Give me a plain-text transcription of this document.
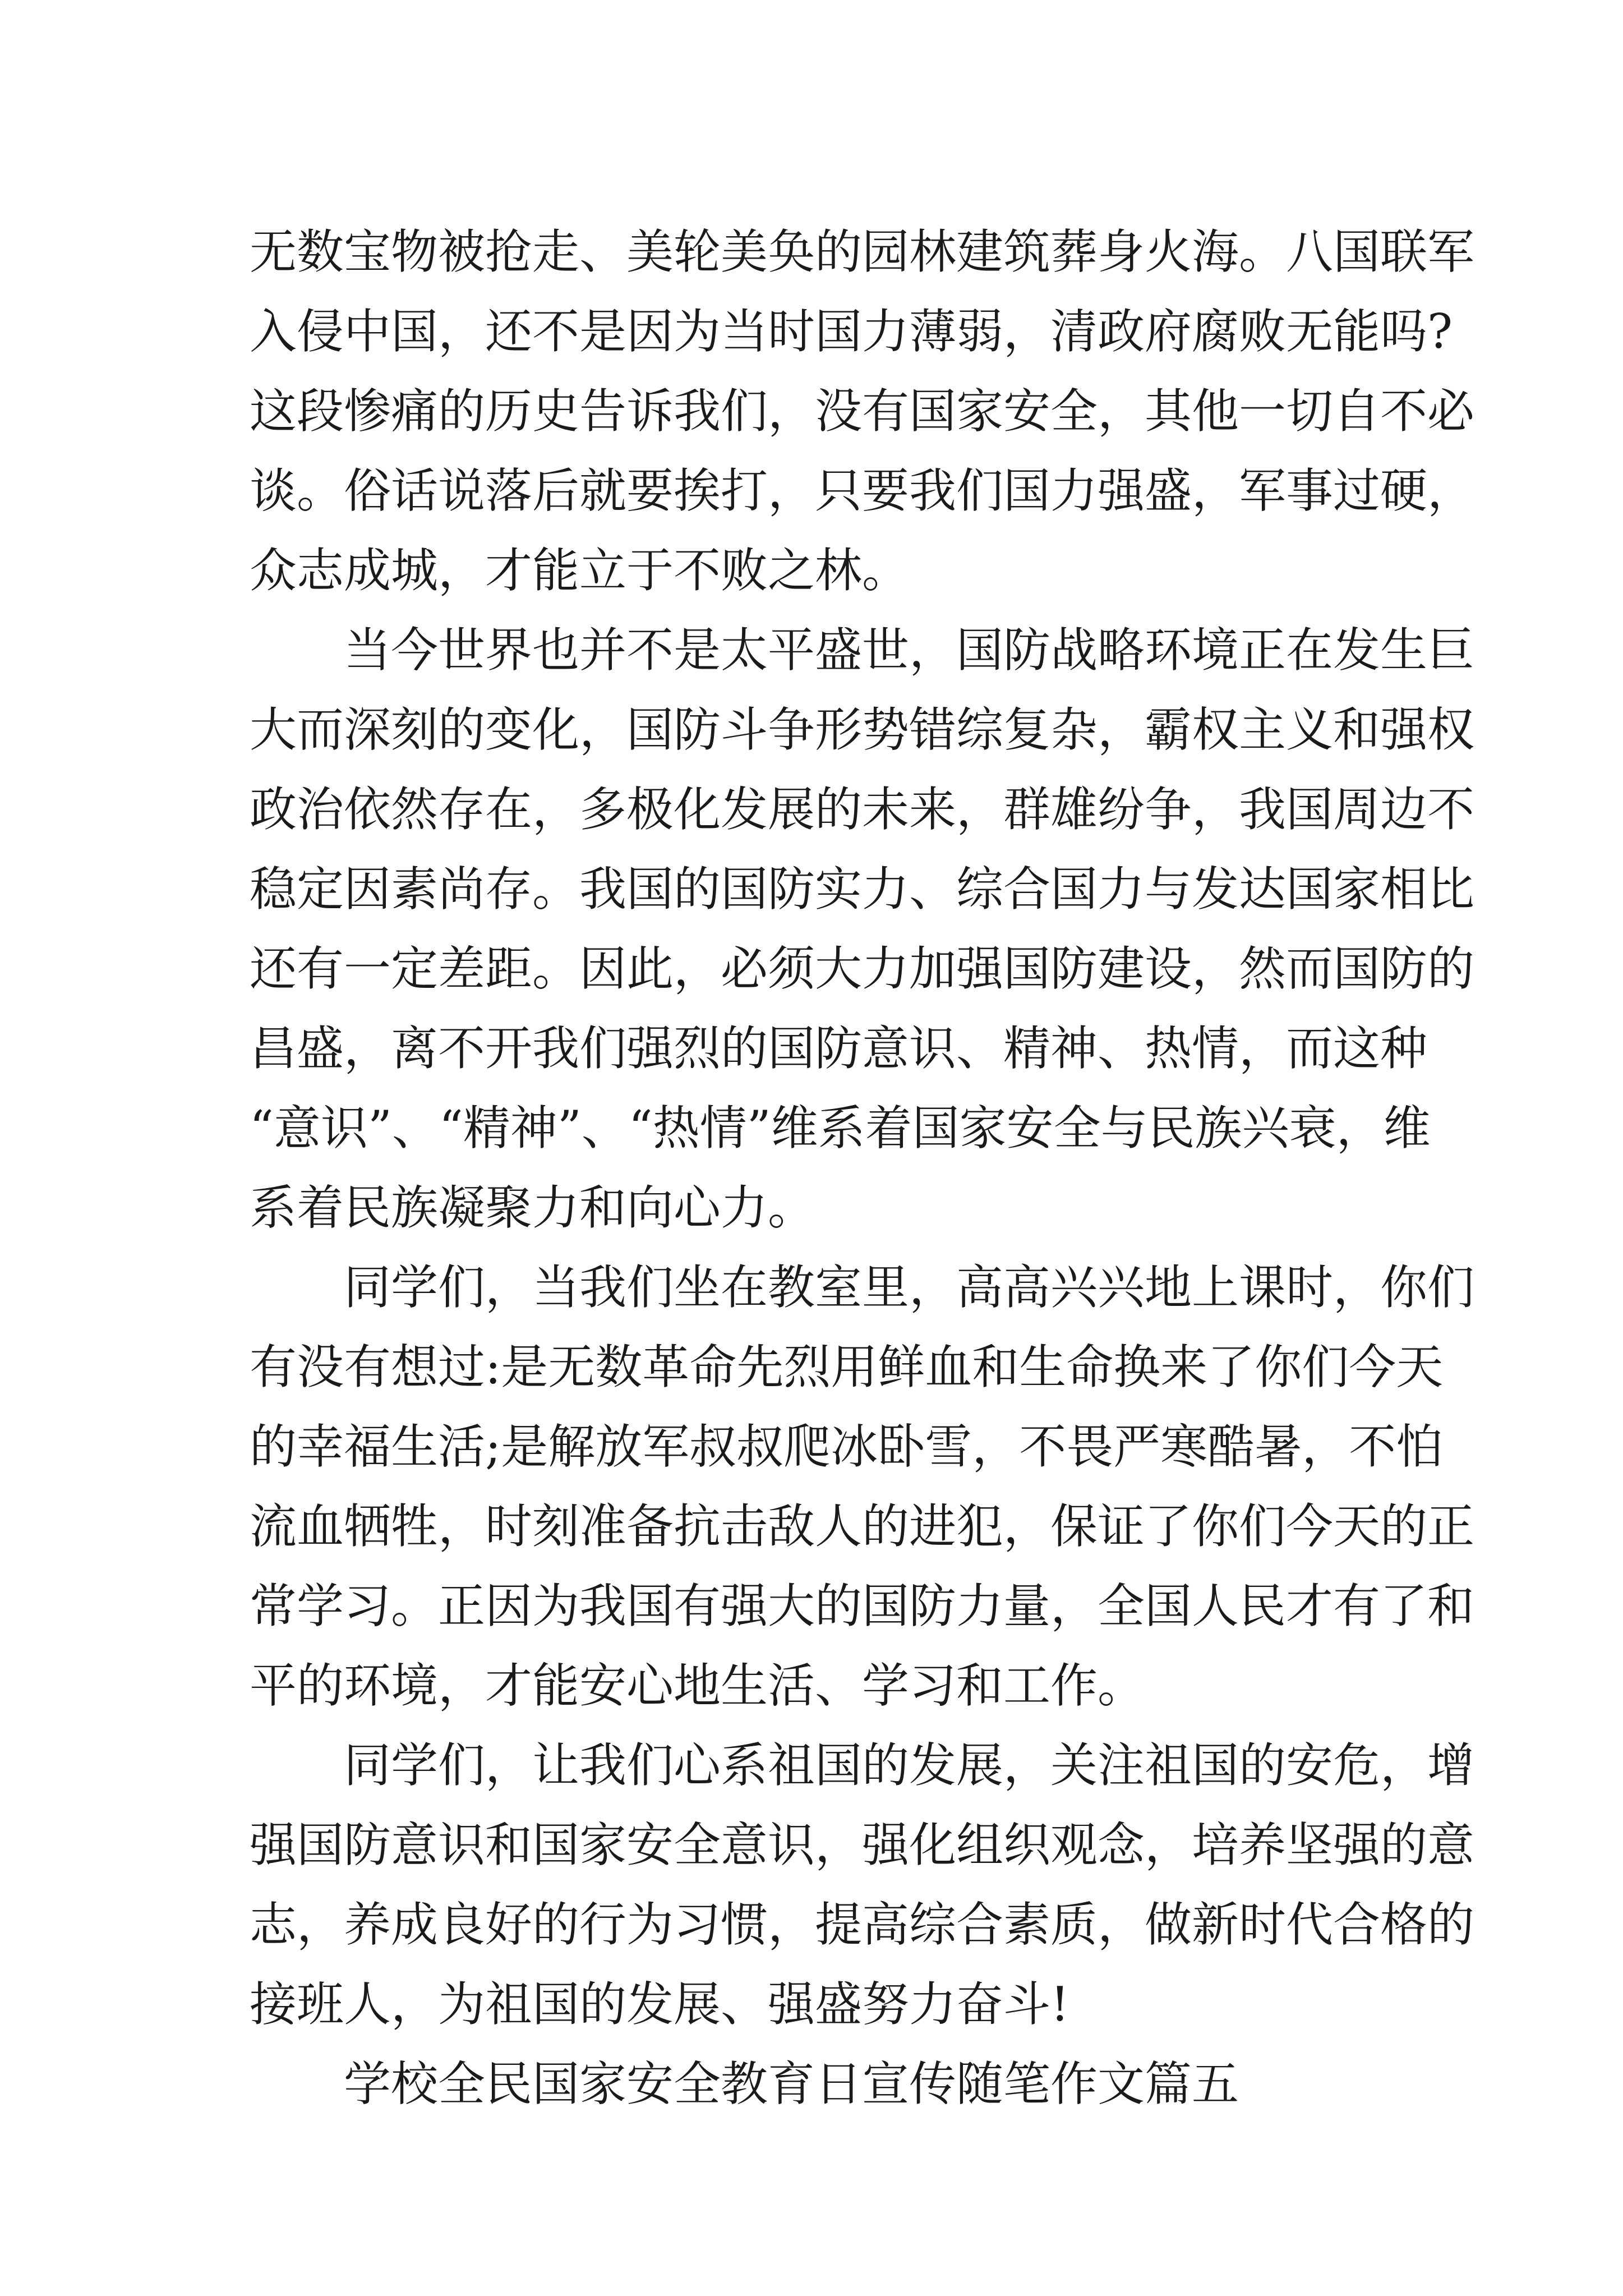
无数宝物被抢走、美轮美奂的园林建筑葬身火海。八国联军
入侵中国，还不是因为当时国力薄弱，清政府腐败无能吗?
这段惨痛的历史告诉我们，没有国家安全，其他一切自不必
谈。俗话说落后就要挨打，只要我们国力强盛，军事过硬，
众志成城，才能立于不败之林。
当今世界也并不是太平盛世，国防战略环境正在发生巨
大而深刻的变化，国防斗争形势错综复杂，霸权主义和强权
政治依然存在，多极化发展的未来，群雄纷争，我国周边不
稳定因素尚存。我国的国防实力、综合国力与发达国家相比
还有一定差距。因此，必须大力加强国防建设，然而国防的
昌盛，离不开我们强烈的国防意识、精神、热情，而这种
“意识”、“精神”、“热情”维系着国家安全与民族兴衰，维
系着民族凝聚力和向心力。
同学们，当我们坐在教室里，高高兴兴地上课时，你们
有没有想过:是无数革命先烈用鲜血和生命换来了你们今天
的幸福生活;是解放军叔叔爬冰卧雪，不畏严寒酷暑，不怕
流血牺牲，时刻准备抗击敌人的进犯，保证了你们今天的正
常学习。正因为我国有强大的国防力量，全国人民才有了和
平的环境，才能安心地生活、学习和工作。
同学们，让我们心系祖国的发展，关注祖国的安危，增
强国防意识和国家安全意识，强化组织观念，培养坚强的意
志，养成良好的行为习惯，提高综合素质，做新时代合格的
接班人，为祖国的发展、强盛努力奋斗!
学校全民国家安全教育日宣传随笔作文篇五
